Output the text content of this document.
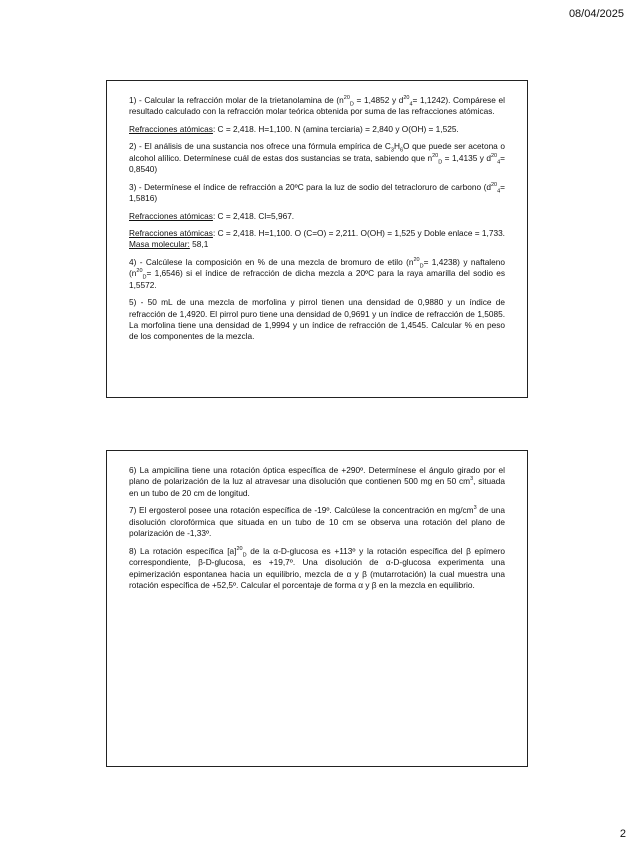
08/04/2025

1) - Calcular la refracción molar de la trietanolamina de ($n^{20}_D = 1,4852$ y $d^{20}_4= 1,1242$). Compárese el resultado calculado con la refracción molar teórica obtenida por suma de las refracciones atómicas.

Refracciones atómicas: C = 2,418. H=1,100. N (amina terciaria) = 2,840 y O(OH) = 1,525.

2) - El análisis de una sustancia nos ofrece una fórmula empírica de $C_3H_6O$ que puede ser acetona o alcohol alílico. Determínese cuál de estas dos sustancias se trata, sabiendo que $n^{20}_D = 1,4135$ y $d^{20}_4= 0,8540$)

3) - Determínese el índice de refracción a 20ºC para la luz de sodio del tetracloruro de carbono $(d^{20}_4= 1,5816)$

Refracciones atómicas: C = 2,418. Cl=5,967.

Refracciones atómicas: C = 2,418. H=1,100. O (C=O) = 2,211. O(OH) = 1,525 y Doble enlace = 1,733. Masa molecular: 58,1

4) - Calcúlese la composición en % de una mezcla de bromuro de etilo $(n^{20}_D= 1,4238)$ y naftaleno $(n^{20}_D= 1,6546)$ si el índice de refracción de dicha mezcla a 20ºC para la raya amarilla del sodio es 1,5572.

5) - 50 mL de una mezcla de morfolina y pirrol tienen una densidad de 0,9880 y un índice de refracción de 1,4920. El pirrol puro tiene una densidad de 0,9691 y un índice de refracción de 1,5085. La morfolina tiene una densidad de 1,9994 y un índice de refracción de 1,4545. Calcular % en peso de los componentes de la mezcla.

6) La ampicilina tiene una rotación óptica específica de +290º. Determínese el ángulo girado por el plano de polarización de la luz al atravesar una disolución que contienen 500 mg en 50 $cm^3$, situada en un tubo de 20 cm de longitud.

7) El ergosterol posee una rotación específica de -19º. Calcúlese la concentración en $mg/cm^3$ de una disolución clorofórmica que situada en un tubo de 10 cm se observa una rotación del plano de polarización de -1,33º.

8) La rotación específica $[a]^{20}_D$ de la α-D-glucosa es +113º y la rotación específica del β epímero correspondiente, β-D-glucosa, es +19,7º. Una disolución de α-D-glucosa experimenta una epimerización espontanea hacia un equilibrio, mezcla de α y β (mutarrotación) la cual muestra una rotación específica de +52,5º. Calcular el porcentaje de forma α y β en la mezcla en equilibrio.

2
